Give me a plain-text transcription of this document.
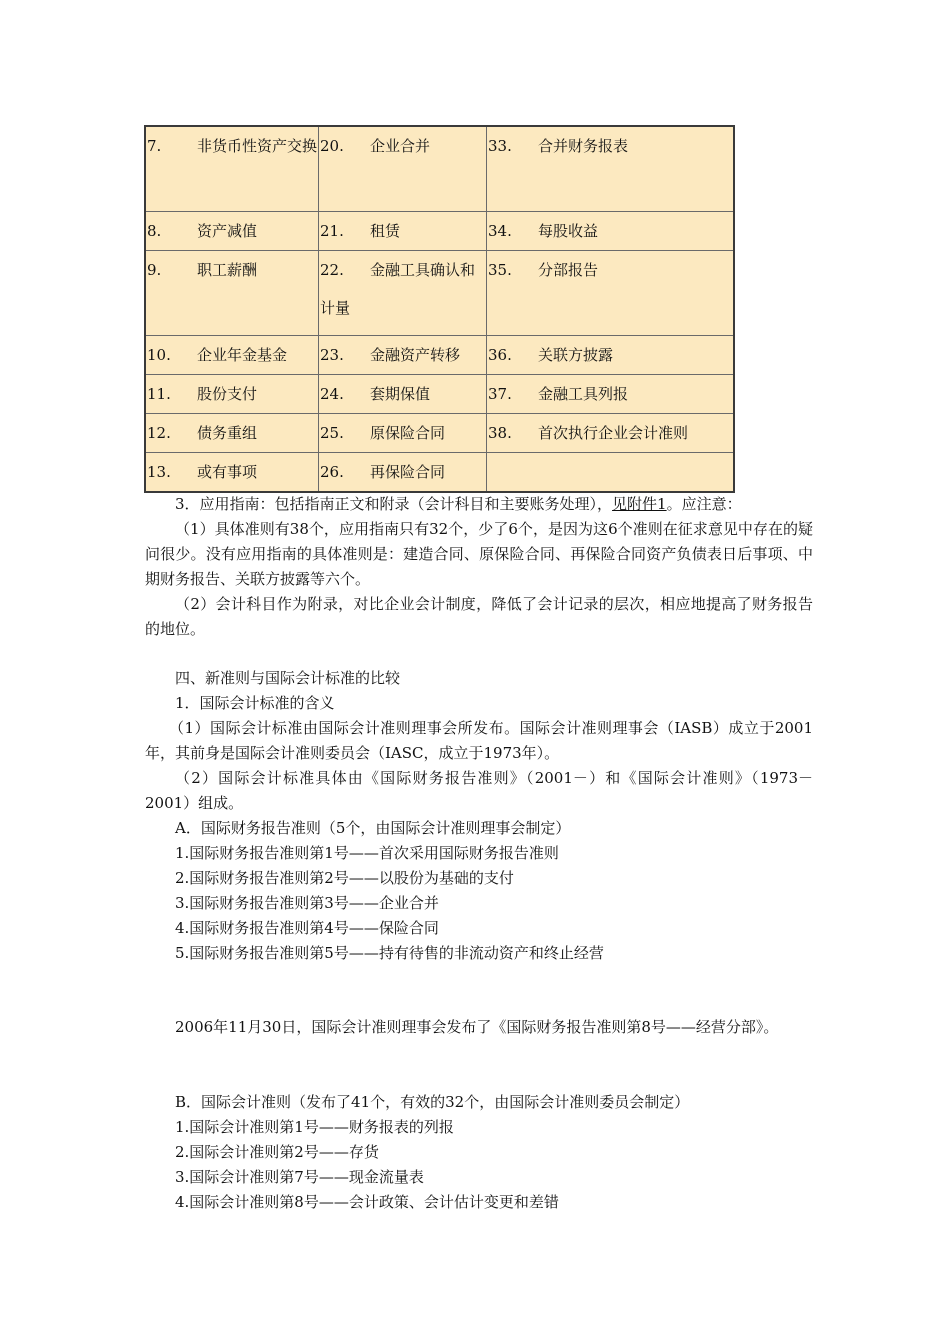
7. 非货币性资产交换	20. 企业合并	33. 合并财务报表

8. 资产减值	21. 租赁	34. 每股收益

9. 职工薪酬	22. 金融工具确认和计量	35. 分部报告

10. 企业年金基金	23. 金融资产转移	36. 关联方披露

11. 股份支付	24. 套期保值	37. 金融工具列报

12. 债务重组	25. 原保险合同	38. 首次执行企业会计准则

13. 或有事项	26. 再保险合同	

3．应用指南：包括指南正文和附录（会计科目和主要账务处理），见附件1。应注意：

（1）具体准则有38个，应用指南只有32个，少了6个，是因为这6个准则在征求意见中存在的疑问很少。没有应用指南的具体准则是：建造合同、原保险合同、再保险合同资产负债表日后事项、中期财务报告、关联方披露等六个。

（2）会计科目作为附录，对比企业会计制度，降低了会计记录的层次，相应地提高了财务报告的地位。

四、新准则与国际会计标准的比较

1．国际会计标准的含义

（1）国际会计标准由国际会计准则理事会所发布。国际会计准则理事会（IASB）成立于2001年，其前身是国际会计准则委员会（IASC，成立于1973年）。

（2）国际会计标准具体由《国际财务报告准则》（2001－）和《国际会计准则》（1973－2001）组成。

A．国际财务报告准则（5个，由国际会计准则理事会制定）

1.国际财务报告准则第1号——首次采用国际财务报告准则

2.国际财务报告准则第2号——以股份为基础的支付

3.国际财务报告准则第3号——企业合并

4.国际财务报告准则第4号——保险合同

5.国际财务报告准则第5号——持有待售的非流动资产和终止经营

2006年11月30日，国际会计准则理事会发布了《国际财务报告准则第8号——经营分部》。

B．国际会计准则（发布了41个，有效的32个，由国际会计准则委员会制定）

1.国际会计准则第1号——财务报表的列报

2.国际会计准则第2号——存货

3.国际会计准则第7号——现金流量表

4.国际会计准则第8号——会计政策、会计估计变更和差错
